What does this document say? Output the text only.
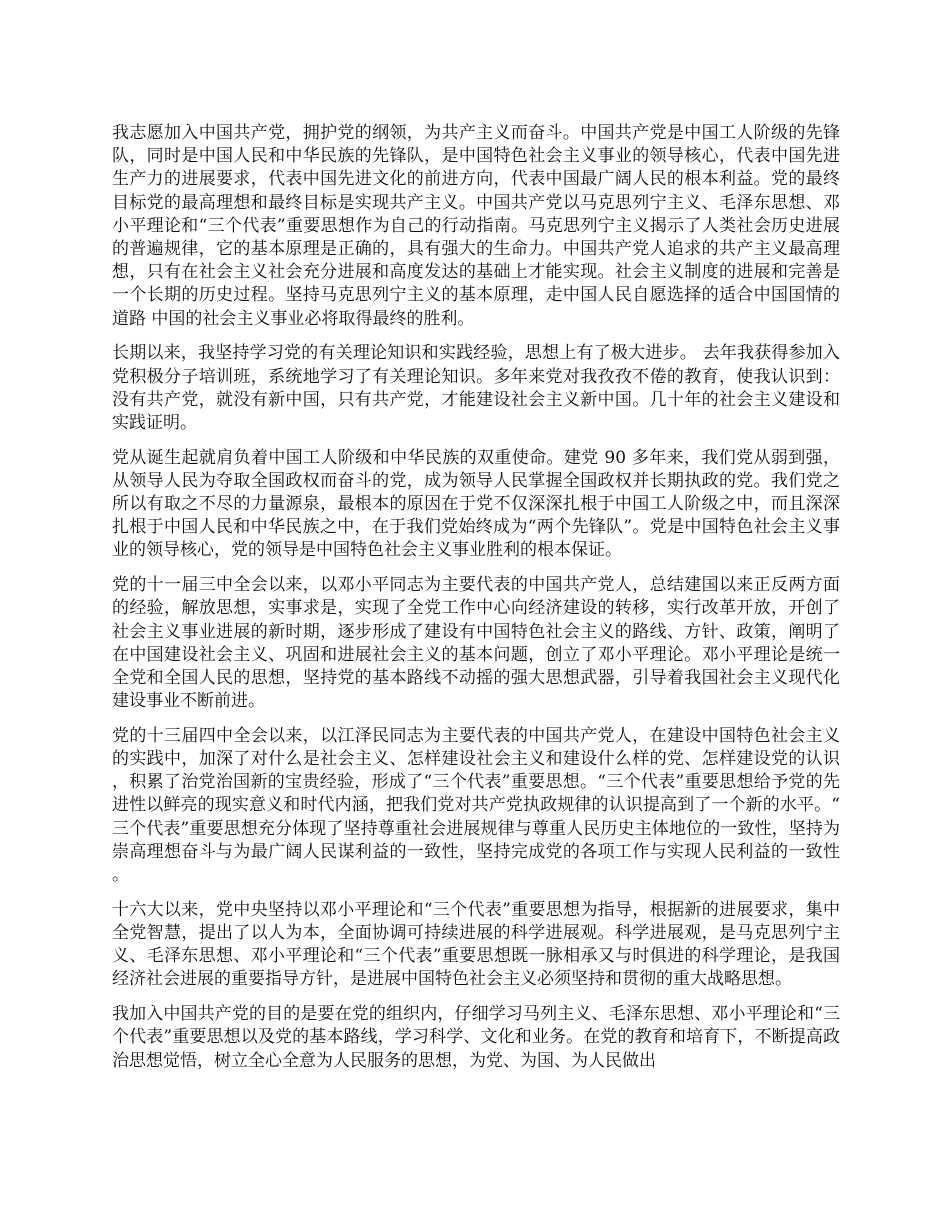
我志愿加入中国共产党，拥护党的纲领，为共产主义而奋斗。中国共产党是中国工人阶级的先锋队，同时是中国人民和中华民族的先锋队，是中国特色社会主义事业的领导核心，代表中国先进生产力的进展要求，代表中国先进文化的前进方向，代表中国最广阔人民的根本利益。党的最终目标党的最高理想和最终目标是实现共产主义。中国共产党以马克思列宁主义、毛泽东思想、邓小平理论和“三个代表”重要思想作为自己的行动指南。马克思列宁主义揭示了人类社会历史进展的普遍规律，它的基本原理是正确的，具有强大的生命力。中国共产党人追求的共产主义最高理想，只有在社会主义社会充分进展和高度发达的基础上才能实现。社会主义制度的进展和完善是一个长期的历史过程。坚持马克思列宁主义的基本原理，走中国人民自愿选择的适合中国国情的道路 中国的社会主义事业必将取得最终的胜利。

长期以来，我坚持学习党的有关理论知识和实践经验，思想上有了极大进步。 去年我获得参加入党积极分子培训班，系统地学习了有关理论知识。多年来党对我孜孜不倦的教育，使我认识到：没有共产党，就没有新中国，只有共产党，才能建设社会主义新中国。几十年的社会主义建设和实践证明。

党从诞生起就肩负着中国工人阶级和中华民族的双重使命。建党 90 多年来，我们党从弱到强，从领导人民为夺取全国政权而奋斗的党，成为领导人民掌握全国政权并长期执政的党。我们党之所以有取之不尽的力量源泉，最根本的原因在于党不仅深深扎根于中国工人阶级之中，而且深深扎根于中国人民和中华民族之中，在于我们党始终成为“两个先锋队”。党是中国特色社会主义事业的领导核心，党的领导是中国特色社会主义事业胜利的根本保证。

党的十一届三中全会以来，以邓小平同志为主要代表的中国共产党人，总结建国以来正反两方面的经验，解放思想，实事求是，实现了全党工作中心向经济建设的转移，实行改革开放，开创了社会主义事业进展的新时期，逐步形成了建设有中国特色社会主义的路线、方针、政策，阐明了在中国建设社会主义、巩固和进展社会主义的基本问题，创立了邓小平理论。邓小平理论是统一全党和全国人民的思想，坚持党的基本路线不动摇的强大思想武器，引导着我国社会主义现代化建设事业不断前进。

党的十三届四中全会以来，以江泽民同志为主要代表的中国共产党人，在建设中国特色社会主义的实践中，加深了对什么是社会主义、怎样建设社会主义和建设什么样的党、怎样建设党的认识，积累了治党治国新的宝贵经验，形成了“三个代表”重要思想。“三个代表”重要思想给予党的先进性以鲜亮的现实意义和时代内涵，把我们党对共产党执政规律的认识提高到了一个新的水平。“三个代表”重要思想充分体现了坚持尊重社会进展规律与尊重人民历史主体地位的一致性，坚持为崇高理想奋斗与为最广阔人民谋利益的一致性，坚持完成党的各项工作与实现人民利益的一致性。

十六大以来，党中央坚持以邓小平理论和“三个代表”重要思想为指导，根据新的进展要求，集中全党智慧，提出了以人为本，全面协调可持续进展的科学进展观。科学进展观，是马克思列宁主义、毛泽东思想、邓小平理论和“三个代表”重要思想既一脉相承又与时俱进的科学理论，是我国经济社会进展的重要指导方针，是进展中国特色社会主义必须坚持和贯彻的重大战略思想。

我加入中国共产党的目的是要在党的组织内，仔细学习马列主义、毛泽东思想、邓小平理论和“三个代表”重要思想以及党的基本路线，学习科学、文化和业务。在党的教育和培育下，不断提高政治思想觉悟，树立全心全意为人民服务的思想，为党、为国、为人民做出
